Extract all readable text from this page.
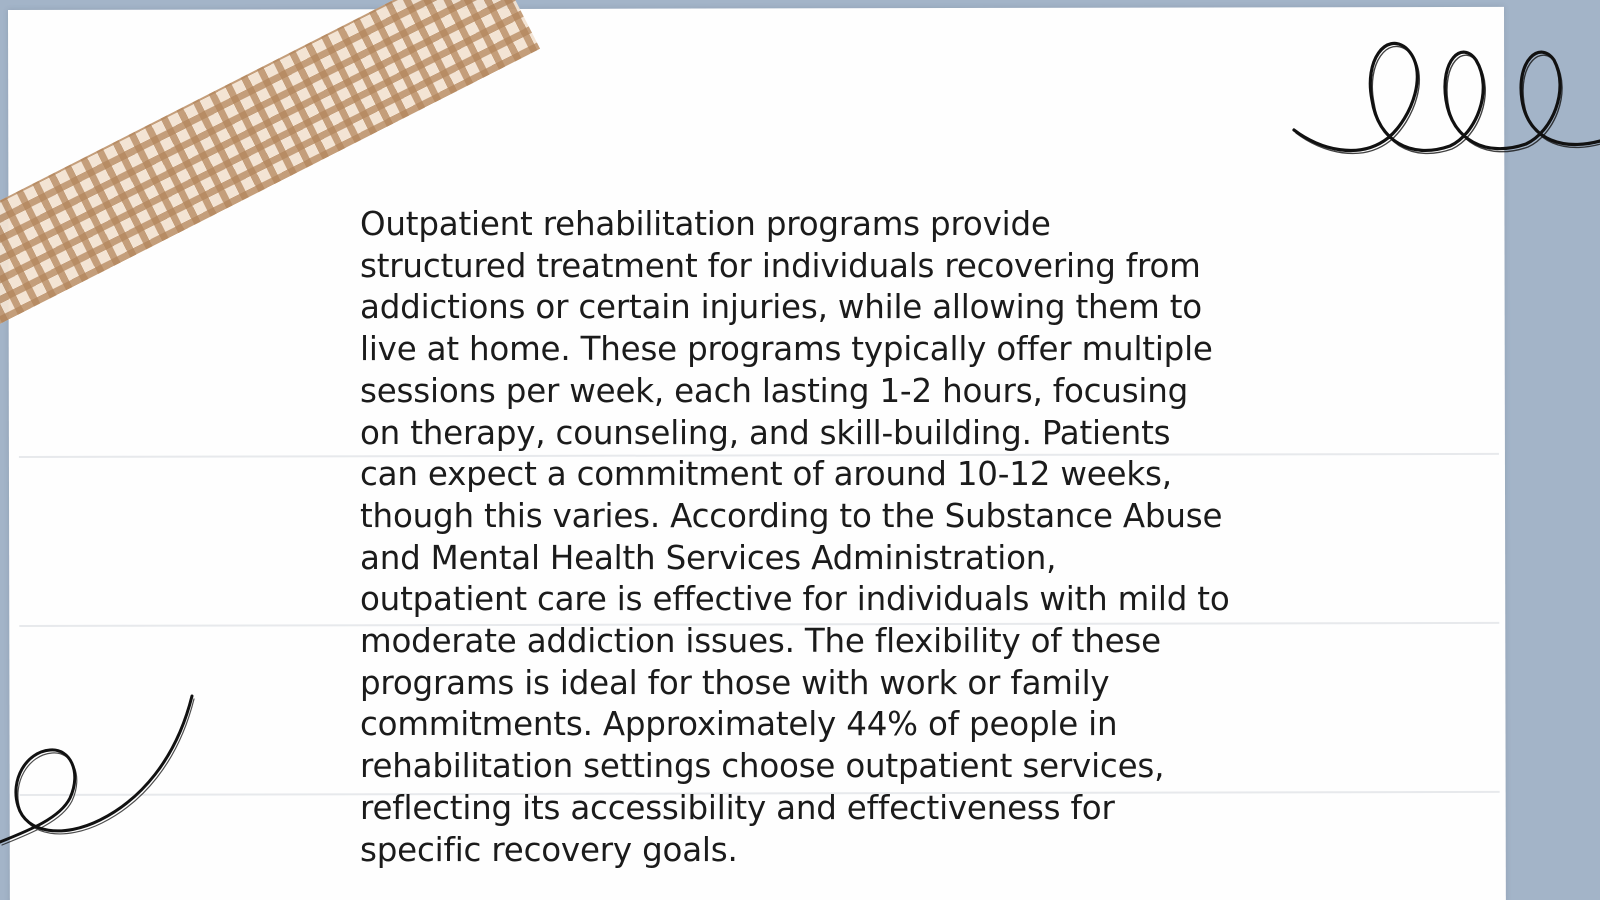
Outpatient rehabilitation programs provide
structured treatment for individuals recovering from
addictions or certain injuries, while allowing them to
live at home. These programs typically offer multiple
sessions per week, each lasting 1-2 hours, focusing
on therapy, counseling, and skill-building. Patients
can expect a commitment of around 10-12 weeks,
though this varies. According to the Substance Abuse
and Mental Health Services Administration,
outpatient care is effective for individuals with mild to
moderate addiction issues. The flexibility of these
programs is ideal for those with work or family
commitments. Approximately 44% of people in
rehabilitation settings choose outpatient services,
reflecting its accessibility and effectiveness for
specific recovery goals.
